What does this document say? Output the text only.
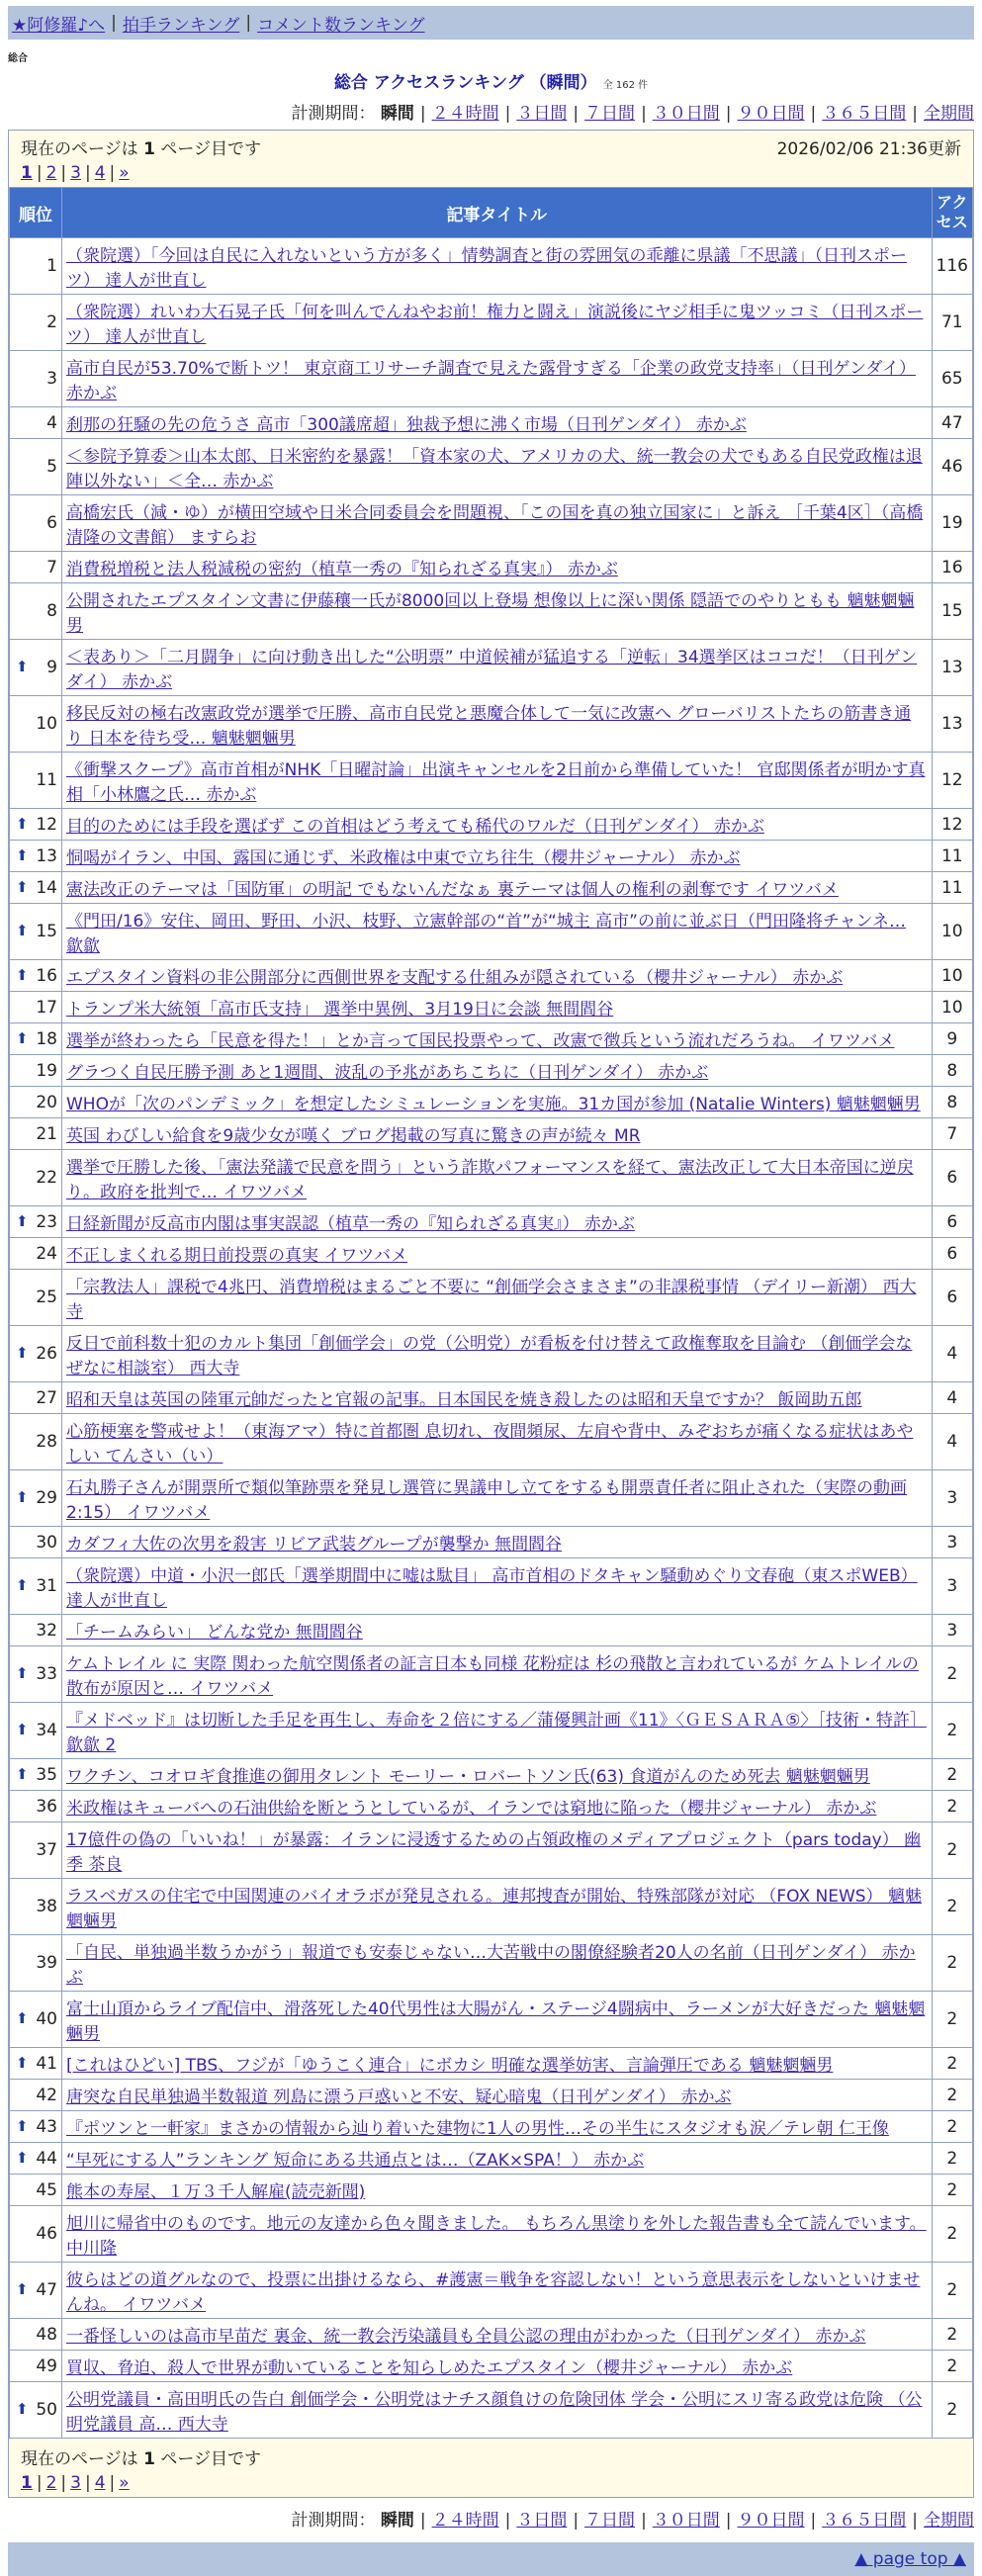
★阿修羅♪へ | 拍手ランキング | コメント数ランキング
総合
総合 アクセスランキング （瞬間） 全 162 件
計測期間： 瞬間 | ２４時間 | ３日間 | ７日間 | ３０日間 | ９０日間 | ３６５日間 | 全期間
現在のページは 1 ページ目です	2026/02/06 21:36更新
1 | 2 | 3 | 4 | »
順位	記事タイトル	アクセス
1	（衆院選）「今回は自民に入れないという方が多く」情勢調査と街の雰囲気の乖離に県議「不思議」（日刊スポーツ） 達人が世直し	116
2	（衆院選）れいわ大石晃子氏「何を叫んでんねやお前！権力と闘え」演説後にヤジ相手に鬼ツッコミ（日刊スポーツ） 達人が世直し	71
3	高市自民が53.70%で断トツ！ 東京商工リサーチ調査で見えた露骨すぎる「企業の政党支持率」（日刊ゲンダイ） 赤かぶ	65
4	刹那の狂騒の先の危うさ 高市「300議席超」独裁予想に沸く市場（日刊ゲンダイ） 赤かぶ	47
5	＜参院予算委＞山本太郎、日米密約を暴露！「資本家の犬、アメリカの犬、統一教会の犬でもある自民党政権は退陣以外ない」＜全… 赤かぶ	46
6	高橋宏氏（減・ゆ）が横田空域や日米合同委員会を問題視、「この国を真の独立国家に」と訴え ［千葉4区］（高橋清隆の文書館） ますらお	19
7	消費税増税と法人税減税の密約（植草一秀の『知られざる真実』） 赤かぶ	16
8	公開されたエプスタイン文書に伊藤穰一氏が8000回以上登場 想像以上に深い関係 隠語でのやりともも 魑魅魍魎男	15

⬆ 9	＜表あり＞「二月闘争」に向け動き出した“公明票” 中道候補が猛追する「逆転」34選挙区はココだ！（日刊ゲンダイ） 赤かぶ	13
10	移民反対の極右改憲政党が選挙で圧勝、高市自民党と悪魔合体して一気に改憲へ グローバリストたちの筋書き通り 日本を待ち受… 魑魅魍魎男	13
11	《衝撃スクープ》高市首相がNHK「日曜討論」出演キャンセルを2日前から準備していた！ 官邸関係者が明かす真相「小林鷹之氏… 赤かぶ	12

⬆ 12	目的のためには手段を選ばず この首相はどう考えても稀代のワルだ（日刊ゲンダイ） 赤かぶ	12

⬆ 13	恫喝がイラン、中国、露国に通じず、米政権は中東で立ち往生（櫻井ジャーナル） 赤かぶ	11

⬆ 14	憲法改正のテーマは「国防軍」の明記 でもないんだなぁ 裏テーマは個人の権利の剥奪です イワツバメ	11

⬆ 15	《門田/16》安住、岡田、野田、小沢、枝野、立憲幹部の“首”が“城主 高市”の前に並ぶ日（門田隆将チャンネ… 歙歙	10

⬆ 16	エプスタイン資料の非公開部分に西側世界を支配する仕組みが隠されている（櫻井ジャーナル） 赤かぶ	10
17	トランプ米大統領「高市氏支持」 選挙中異例、3月19日に会談 無間閻谷	10

⬆ 18	選挙が終わったら「民意を得た！」とか言って国民投票やって、改憲で徴兵という流れだろうね。 イワツバメ	9
19	グラつく自民圧勝予測 あと1週間、波乱の予兆があちこちに（日刊ゲンダイ） 赤かぶ	8
20	WHOが「次のパンデミック」を想定したシミュレーションを実施。31カ国が参加 (Natalie Winters) 魑魅魍魎男	8
21	英国 わびしい給食を9歳少女が嘆く ブログ掲載の写真に驚きの声が続々 MR	7
22	選挙で圧勝した後、「憲法発議で民意を問う」という詐欺パフォーマンスを経て、憲法改正して大日本帝国に逆戻り。政府を批判で… イワツバメ	6

⬆ 23	日経新聞が反高市内閣は事実誤認（植草一秀の『知られざる真実』） 赤かぶ	6
24	不正しまくれる期日前投票の真実 イワツバメ	6
25	「宗教法人」課税で4兆円、消費増税はまるごと不要に “創価学会さまさま”の非課税事情 （デイリー新潮） 西大寺	6

⬆ 26	反日で前科数十犯のカルト集団「創価学会」の党（公明党）が看板を付け替えて政権奪取を目論む （創価学会なぜなに相談室） 西大寺	4
27	昭和天皇は英国の陸軍元帥だったと官報の記事。日本国民を焼き殺したのは昭和天皇ですか？ 飯岡助五郎	4
28	心筋梗塞を警戒せよ！（東海アマ）特に首都圏 息切れ、夜間頻尿、左肩や背中、みぞおちが痛くなる症状はあやしい てんさい（い）	4

⬆ 29	石丸勝子さんが開票所で類似筆跡票を発見し選管に異議申し立てをするも開票責任者に阻止された（実際の動画2:15） イワツバメ	3
30	カダフィ大佐の次男を殺害 リビア武装グループが襲撃か 無間閻谷	3

⬆ 31	（衆院選）中道・小沢一郎氏「選挙期間中に嘘は駄目」 高市首相のドタキャン騒動めぐり文春砲（東スポWEB） 達人が世直し	3
32	「チームみらい」 どんな党か 無間閻谷	3

⬆ 33	ケムトレイル に 実際 関わった航空関係者の証言日本も同様 花粉症は 杉の飛散と言われているが ケムトレイルの 散布が原因と… イワツバメ	2

⬆ 34	『メドベッド』は切断した手足を再生し、寿命を２倍にする／蒲優興計画《11》〈ＧＥＳＡＲＡ⑤〉［技術・特許］ 歙歙 2	2

⬆ 35	ワクチン、コオロギ食推進の御用タレント モーリー・ロバートソン氏(63) 食道がんのため死去 魑魅魍魎男	2
36	米政権はキューバへの石油供給を断とうとしているが、イランでは窮地に陥った（櫻井ジャーナル） 赤かぶ	2
37	17億件の偽の「いいね！」が暴露：イランに浸透するための占領政権のメディアプロジェクト（pars today） 幽季 茶良	2
38	ラスベガスの住宅で中国関連のバイオラボが発見される。連邦捜査が開始、特殊部隊が対応 （FOX NEWS） 魑魅魍魎男	2
39	「自民、単独過半数うかがう」報道でも安泰じゃない…大苦戦中の閣僚経験者20人の名前（日刊ゲンダイ） 赤かぶ	2

⬆ 40	富士山頂からライブ配信中、滑落死した40代男性は大腸がん・ステージ4闘病中、ラーメンが大好きだった 魑魅魍魎男	2

⬆ 41	[これはひどい] TBS、フジが「ゆうこく連合」にボカシ 明確な選挙妨害、言論弾圧である 魑魅魍魎男	2
42	唐突な自民単独過半数報道 列島に漂う戸惑いと不安、疑心暗鬼（日刊ゲンダイ） 赤かぶ	2

⬆ 43	『ポツンと一軒家』まさかの情報から辿り着いた建物に1人の男性…その半生にスタジオも涙／テレ朝 仁王像	2

⬆ 44	“早死にする人”ランキング 短命にある共通点とは…（ZAK×SPA！） 赤かぶ	2
45	熊本の寿屋、１万３千人解雇(読売新聞)	2
46	旭川に帰省中のものです。地元の友達から色々聞きました。 もちろん黒塗りを外した報告書も全て読んでいます。 中川隆	2

⬆ 47	彼らはどの道グルなので、投票に出掛けるなら、#護憲＝戦争を容認しない！という意思表示をしないといけませんね。 イワツバメ	2
48	一番怪しいのは高市早苗だ 裏金、統一教会汚染議員も全員公認の理由がわかった（日刊ゲンダイ） 赤かぶ	2
49	買収、脅迫、殺人で世界が動いていることを知らしめたエプスタイン（櫻井ジャーナル） 赤かぶ	2

⬆ 50	公明党議員・高田明氏の告白 創価学会・公明党はナチス顔負けの危険団体 学会・公明にスリ寄る政党は危険 （公明党議員 高… 西大寺	2
現在のページは 1 ページ目です
1 | 2 | 3 | 4 | »
計測期間： 瞬間 | ２４時間 | ３日間 | ７日間 | ３０日間 | ９０日間 | ３６５日間 | 全期間
▲ page top ▲
